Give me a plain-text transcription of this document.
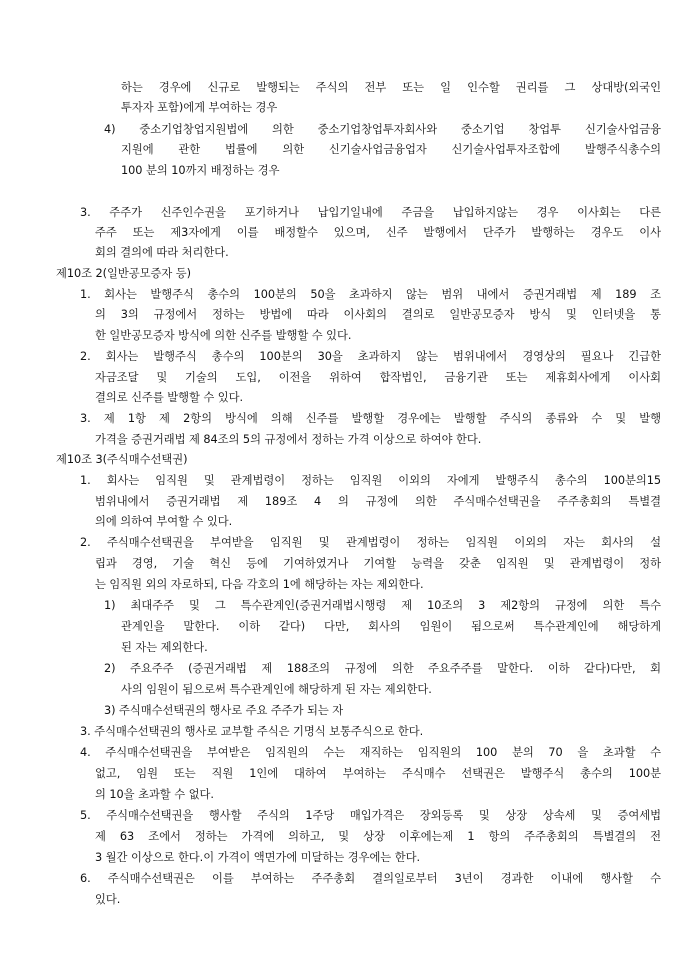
하는 경우에 신규로 발행되는 주식의 전부 또는 일 인수할 권리를 그 상대방(외국인
투자자 포함)에게 부여하는 경우
4) 중소기업창업지원법에 의한 중소기업창업투자회사와 중소기업 창업투 신기술사업금융
지원에 관한 법률에 의한 신기술사업금융업자 신기술사업투자조합에 발행주식총수의
100 분의 10까지 배정하는 경우
3. 주주가 신주인수권을 포기하거나 납입기일내에 주금을 납입하지않는 경우 이사회는 다른
주주 또는 제3자에게 이를 배정할수 있으며, 신주 발행에서 단주가 발행하는 경우도 이사
회의 결의에 따라 처리한다.
제10조 2(일반공모증자 등)
1. 회사는 발행주식 총수의 100분의 50을 초과하지 않는 범위 내에서 증권거래법 제 189 조
의 3의 규정에서 정하는 방법에 따라 이사회의 결의로 일반공모증자 방식 및 인터넷을 통
한 일반공모증자 방식에 의한 신주를 발행할 수 있다.
2. 회사는 발행주식 총수의 100분의 30을 초과하지 않는 범위내에서 경영상의 필요나 긴급한
자금조달 및 기술의 도입, 이전을 위하여 합작법인, 금융기관 또는 제휴회사에게 이사회
결의로 신주를 발행할 수 있다.
3. 제 1항 제 2항의 방식에 의해 신주를 발행할 경우에는 발행할 주식의 종류와 수 및 발행
가격을 증권거래법 제 84조의 5의 규정에서 정하는 가격 이상으로 하여야 한다.
제10조 3(주식매수선택권)
1. 회사는 임직원 및 관계법령이 정하는 임직원 이외의 자에게 발행주식 총수의 100분의15
범위내에서 증권거래법 제 189조 4 의 규정에 의한 주식매수선택권을 주주총회의 특별결
의에 의하여 부여할 수 있다.
2. 주식매수선택권을 부여받을 임직원 및 관계법령이 정하는 임직원 이외의 자는 회사의 설
립과 경영, 기술 혁신 등에 기여하였거나 기여할 능력을 갖춘 임직원 및 관계법령이 정하
는 임직원 외의 자로하되, 다음 각호의 1에 해당하는 자는 제외한다.
1) 최대주주 및 그 특수관계인(증권거래법시행령 제 10조의 3 제2항의 규정에 의한 특수
관계인을 말한다. 이하 같다) 다만, 회사의 임원이 됨으로써 특수관계인에 해당하게
된 자는 제외한다.
2) 주요주주 (증권거래법 제 188조의 규정에 의한 주요주주를 말한다. 이하 같다)다만, 회
사의 임원이 됨으로써 특수관계인에 해당하게 된 자는 제외한다.
3) 주식매수선택권의 행사로 주요 주주가 되는 자
3. 주식매수선택권의 행사로 교부할 주식은 기명식 보통주식으로 한다.
4. 주식매수선택권을 부여받은 임직원의 수는 재직하는 임직원의 100 분의 70 을 초과할 수
없고, 임원 또는 직원 1인에 대하여 부여하는 주식매수 선택권은 발행주식 총수의 100분
의 10을 초과할 수 없다.
5. 주식매수선택권을 행사할 주식의 1주당 매입가격은 장외등록 및 상장 상속세 및 증여세법
제 63 조에서 정하는 가격에 의하고, 및 상장 이후에는제 1 항의 주주총회의 특별결의 전
3 월간 이상으로 한다.이 가격이 액면가에 미달하는 경우에는 한다.
6. 주식매수선택권은 이를 부여하는 주주총회 결의일로부터 3년이 경과한 이내에 행사할 수
있다.
